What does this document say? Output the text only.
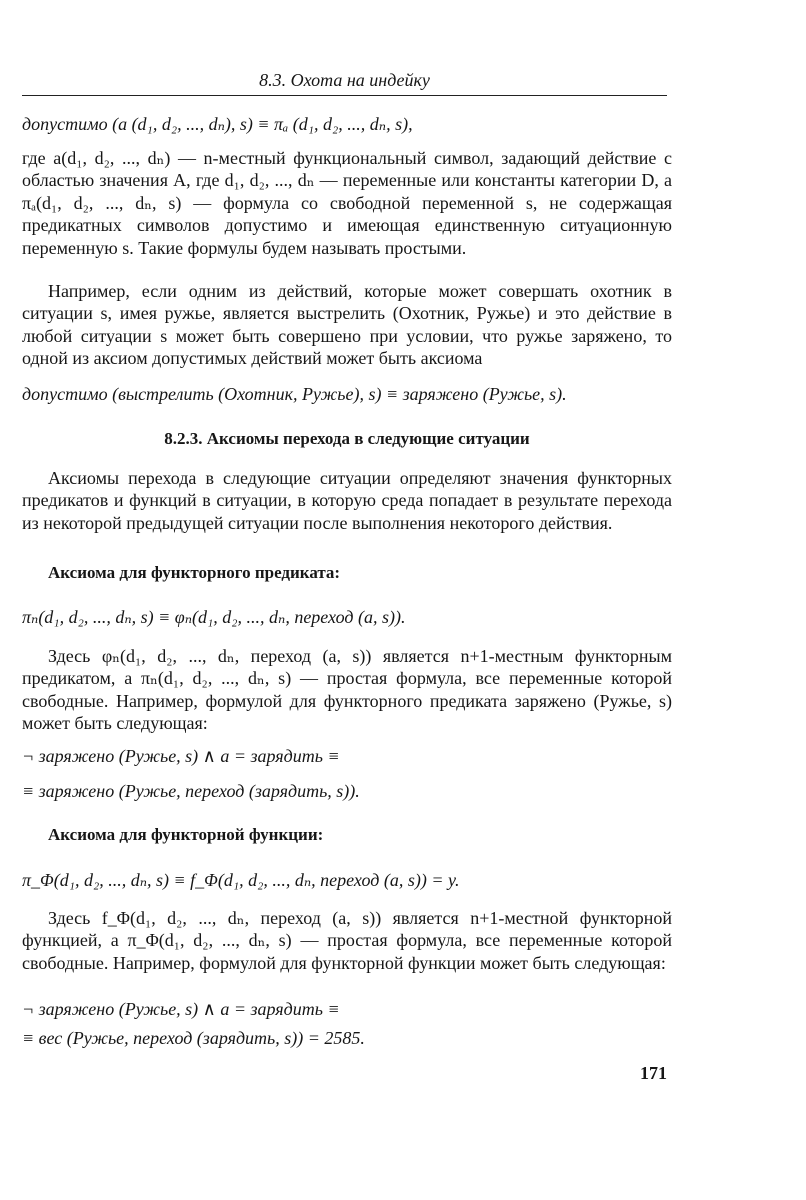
8.3. Охота на индейку

допустимо (a (d₁, d₂, ..., dₙ), s) ≡ πₐ (d₁, d₂, ..., dₙ, s),

где a(d₁, d₂, ..., dₙ) — n-местный функциональный символ, задающий действие с областью значения A, где d₁, d₂, ..., dₙ — переменные или константы категории D, а πₐ(d₁, d₂, ..., dₙ, s) — формула со свободной переменной s, не содержащая предикатных символов допустимо и имеющая единственную ситуационную переменную s. Такие формулы будем называть простыми.

Например, если одним из действий, которые может совершать охотник в ситуации s, имея ружье, является выстрелить (Охотник, Ружье) и это действие в любой ситуации s может быть совершено при условии, что ружье заряжено, то одной из аксиом допустимых действий может быть аксиома

допустимо (выстрелить (Охотник, Ружье), s) ≡ заряжено (Ружье, s).

8.2.3. Аксиомы перехода в следующие ситуации

Аксиомы перехода в следующие ситуации определяют значения функторных предикатов и функций в ситуации, в которую среда попадает в результате перехода из некоторой предыдущей ситуации после выполнения некоторого действия.

Аксиома для функторного предиката:

πₙ(d₁, d₂, ..., dₙ, s) ≡ φₙ(d₁, d₂, ..., dₙ, переход (a, s)).

Здесь φₙ(d₁, d₂, ..., dₙ, переход (a, s)) является n+1-местным функторным предикатом, а πₙ(d₁, d₂, ..., dₙ, s) — простая формула, все переменные которой свободные. Например, формулой для функторного предиката заряжено (Ружье, s) может быть следующая:

¬ заряжено (Ружье, s) ∧ a = зарядить ≡

≡ заряжено (Ружье, переход (зарядить, s)).

Аксиома для функторной функции:

π_Φ(d₁, d₂, ..., dₙ, s) ≡ f_Φ(d₁, d₂, ..., dₙ, переход (a, s)) = y.

Здесь f_Φ(d₁, d₂, ..., dₙ, переход (a, s)) является n+1-местной функторной функцией, а π_Φ(d₁, d₂, ..., dₙ, s) — простая формула, все переменные которой свободные. Например, формулой для функторной функции может быть следующая:

¬ заряжено (Ружье, s) ∧ a = зарядить ≡

≡ вес (Ружье, переход (зарядить, s)) = 2585.

171
